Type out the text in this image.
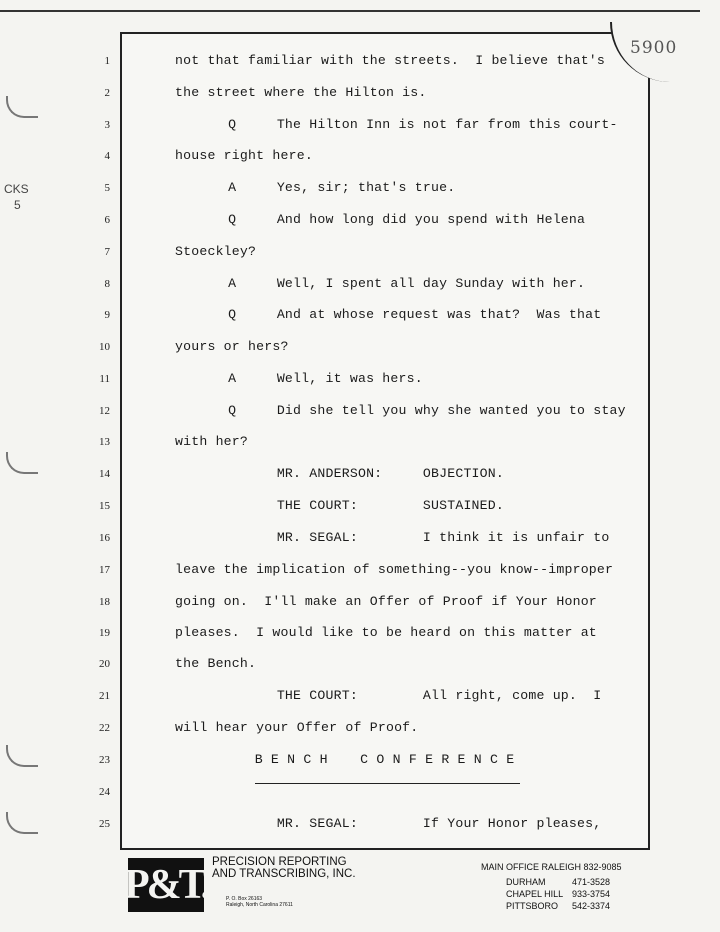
CKS
5
5900
1	not that familiar with the streets.  I believe that's
2	the street where the Hilton is.
3	Q     The Hilton Inn is not far from this court-
4	house right here.
5	A     Yes, sir; that's true.
6	Q     And how long did you spend with Helena
7	Stoeckley?
8	A     Well, I spent all day Sunday with her.
9	Q     And at whose request was that?  Was that
10	yours or hers?
11	A     Well, it was hers.
12	Q     Did she tell you why she wanted you to stay
13	with her?
14	MR. ANDERSON:     OBJECTION.
15	THE COURT:        SUSTAINED.
16	MR. SEGAL:        I think it is unfair to
17	leave the implication of something--you know--improper
18	going on.  I'll make an Offer of Proof if Your Honor
19	pleases.  I would like to be heard on this matter at
20	the Bench.
21	THE COURT:        All right, come up.  I
22	will hear your Offer of Proof.
23 B E N C H    C O N F E R E N C E
24
25	MR. SEGAL:        If Your Honor pleases,
P&T. PRECISION REPORTING
AND TRANSCRIBING, INC.
P. O. Box 26163
Raleigh, North Carolina 27611
MAIN OFFICE RALEIGH 832-9085
DURHAM	471-3528
CHAPEL HILL 933-3754
PITTSBORO 542-3374
